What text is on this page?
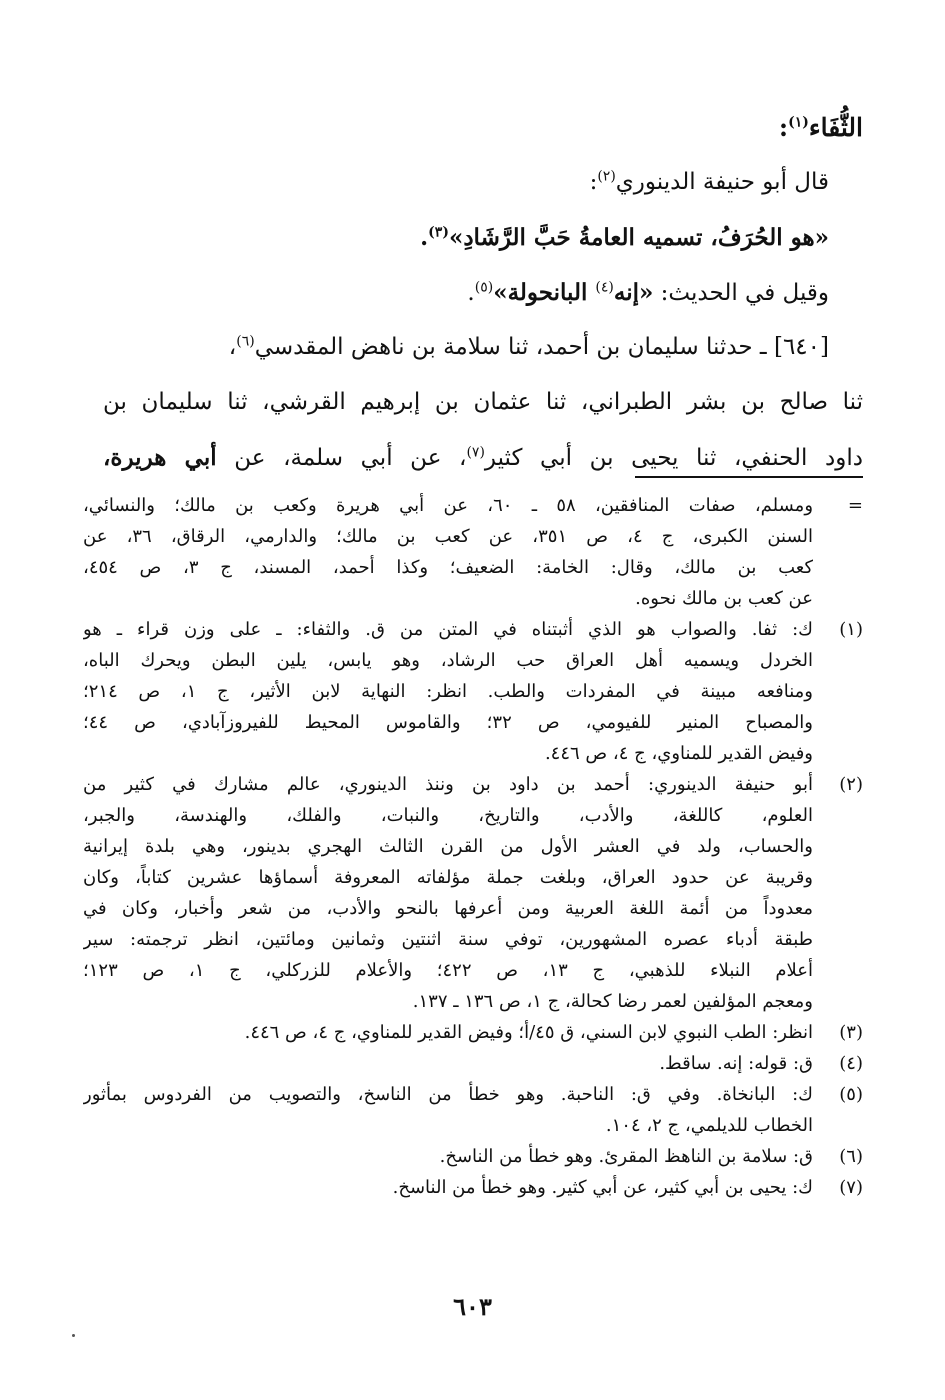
الثُّفَاء$^{(١)}$:
قال أبو حنيفة الدينوري$^{(٢)}$:
«هو الحُرَفُ، تسميه العامةُ حَبَّ الرَّشَادِ»$^{(٣)}$.
وقيل في الحديث: «إنه$^{(٤)}$ البانحولة»$^{(٥)}$.
[٦٤٠] ـ حدثنا سليمان بن أحمد، ثنا سلامة بن ناهض المقدسي$^{(٦)}$،
ثنا صالح بن بشر الطبراني، ثنا عثمان بن إبرهيم القرشي، ثنا سليمان بن
داود الحنفي، ثنا يحيى بن أبي كثير$^{(٧)}$، عن أبي سلمة، عن أبي هريرة،
=
ومسلم، صفات المنافقين، ٥٨ ـ ٦٠، عن أبي هريرة وكعب بن مالك؛ والنسائي،
السنن الكبرى، ج ٤، ص ٣٥١، عن كعب بن مالك؛ والدارمي، الرقاق، ٣٦، عن
كعب بن مالك، وقال: الخامة: الضعيف؛ وكذا أحمد، المسند، ج ٣، ص ٤٥٤،
عن كعب بن مالك نحوه.
(١)
ك: ثفا. والصواب هو الذي أثبتناه في المتن من ق. والثفاء: ـ على وزن قراء ـ هو
الخردل ويسميه أهل العراق حب الرشاد، وهو يابس، يلين البطن ويحرك الباه،
ومنافعه مبينة في المفردات والطب. انظر: النهاية لابن الأثير، ج ١، ص ٢١٤؛
والمصباح المنير للفيومي، ص ٣٢؛ والقاموس المحيط للفيروزآبادي، ص ٤٤؛
وفيض القدير للمناوي، ج ٤، ص ٤٤٦.
(٢)
أبو حنيفة الدينوري: أحمد بن داود بن وننذ الدينوري، عالم مشارك في كثير من
العلوم، كاللغة، والأدب، والتاريخ، والنبات، والفلك، والهندسة، والجبر،
والحساب، ولد في العشر الأول من القرن الثالث الهجري بدينور، وهي بلدة إيرانية
وقريبة عن حدود العراق، وبلغت جملة مؤلفاته المعروفة أسماؤها عشرين كتاباً، وكان
معدوداً من أئمة اللغة العربية ومن أعرفها بالنحو والأدب، من شعر وأخبار، وكان في
طبقة أدباء عصره المشهورين، توفي سنة اثنتين وثمانين ومائتين، انظر ترجمته: سير
أعلام النبلاء للذهبي، ج ١٣، ص ٤٢٢؛ والأعلام للزركلي، ج ١، ص ١٢٣؛
ومعجم المؤلفين لعمر رضا كحالة، ج ١، ص ١٣٦ ـ ١٣٧.
(٣)
انظر: الطب النبوي لابن السني، ق ٤٥/أ؛ وفيض القدير للمناوي، ج ٤، ص ٤٤٦.
(٤)
ق: قوله: إنه. ساقط.
(٥)
ك: البانخاة. وفي ق: الناحبة. وهو خطأ من الناسخ، والتصويب من الفردوس بمأثور
الخطاب للديلمي، ج ٢، ١٠٤.
(٦)
ق: سلامة بن الناهظ المقرئ. وهو خطأ من الناسخ.
(٧)
ك: يحيى بن أبي كثير، عن أبي كثير. وهو خطأ من الناسخ.
٦٠٣
